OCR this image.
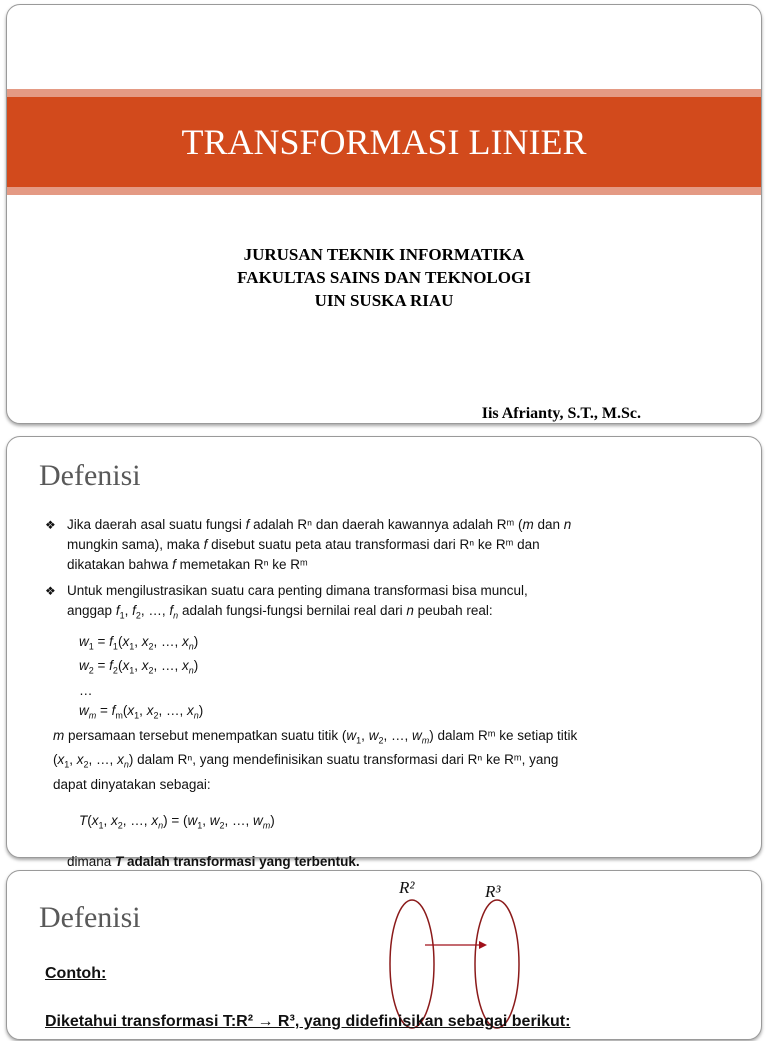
TRANSFORMASI LINIER
JURUSAN TEKNIK INFORMATIKA
FAKULTAS SAINS DAN TEKNOLOGI
UIN SUSKA RIAU
Iis Afrianty, S.T., M.Sc.
Defenisi
❖ Jika daerah asal suatu fungsi f adalah Rⁿ dan daerah kawannya adalah Rᵐ (m dan n
mungkin sama), maka f disebut suatu peta atau transformasi dari Rⁿ ke Rᵐ dan
dikatakan bahwa f memetakan Rⁿ ke Rᵐ
❖ Untuk mengilustrasikan suatu cara penting dimana transformasi bisa muncul,
anggap $f_1$, $f_2$, …, $f_n$ adalah fungsi-fungsi bernilai real dari n peubah real:
$w_1 = f_1(x_1$, $x_2$, …, $x_n$)
$w_2 = f_2(x_1$, $x_2$, …, $x_n$)
…
$w_m = f_m(x_1$, $x_2$, …, $x_n$)
m persamaan tersebut menempatkan suatu titik ($w_1$, $w_2$, …, $w_m$) dalam Rᵐ ke setiap titik
($x_1$, $x_2$, …, $x_n$) dalam Rⁿ, yang mendefinisikan suatu transformasi dari Rⁿ ke Rᵐ, yang
dapat dinyatakan sebagai:
$T(x_1$, $x_2$, …, $x_n) = (w_1$, $w_2$, …, $w_m$)
dimana T adalah transformasi yang terbentuk.
Defenisi
R²	R³
Contoh:
Diketahui transformasi T:R² → R³, yang didefinisikan sebagai berikut:
